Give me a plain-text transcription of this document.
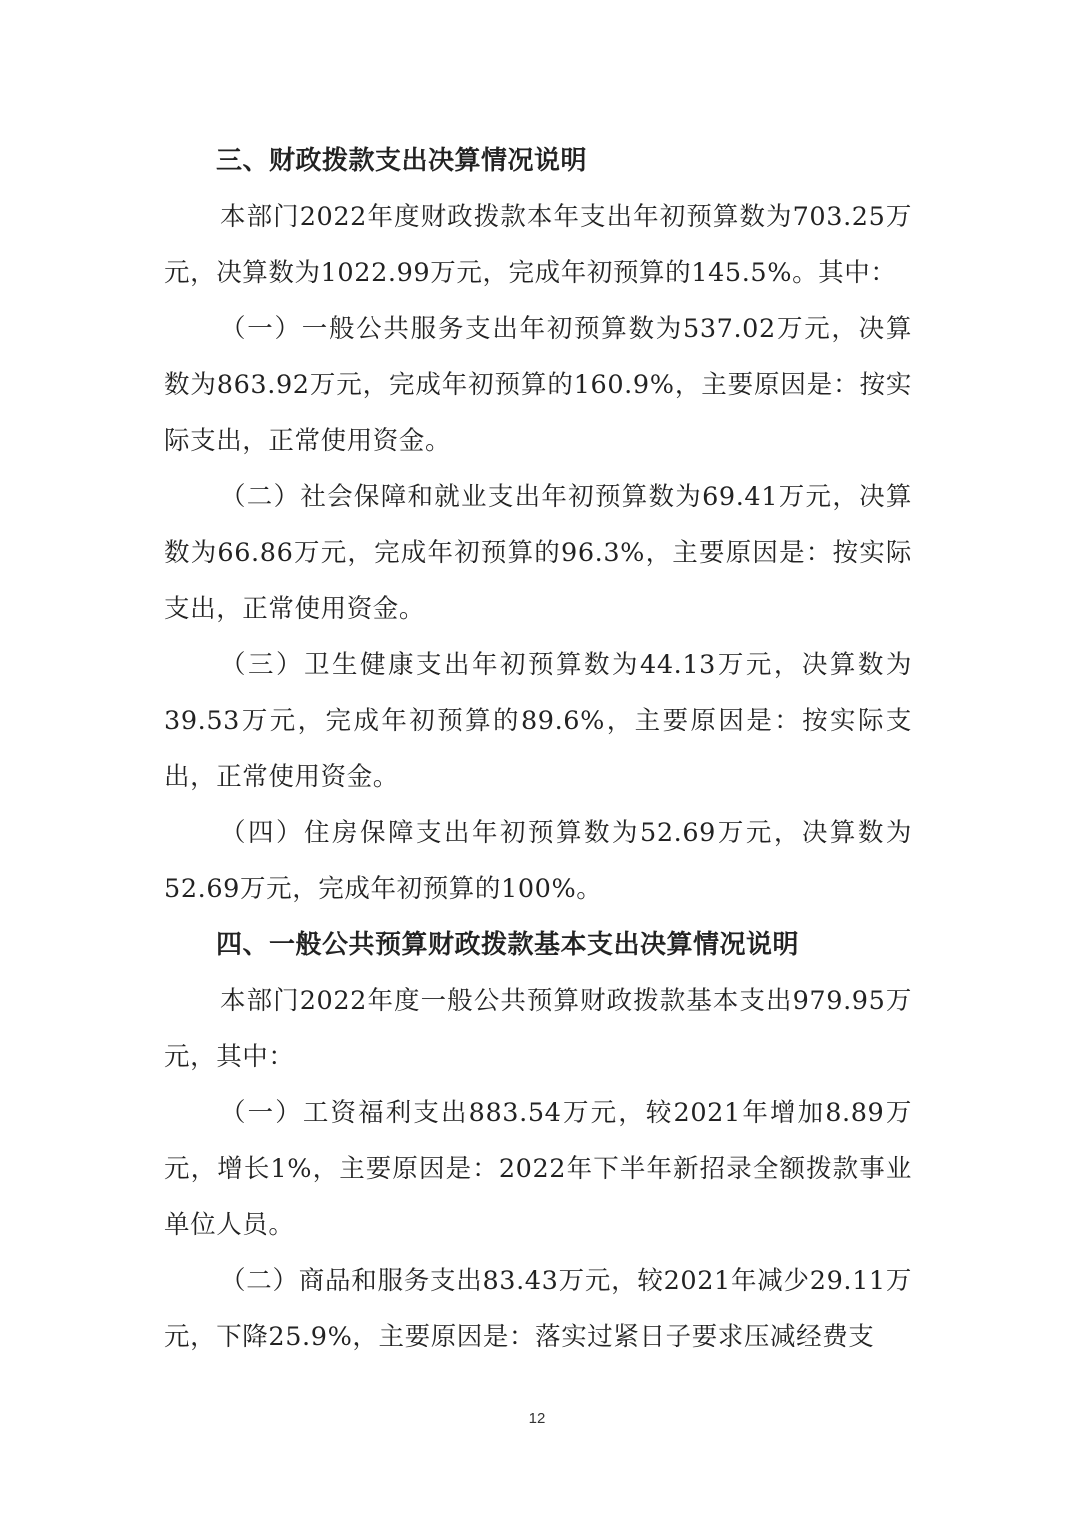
三、财政拨款支出决算情况说明

本部门2022年度财政拨款本年支出年初预算数为703.25万元，决算数为1022.99万元，完成年初预算的145.5%。其中：

（一）一般公共服务支出年初预算数为537.02万元，决算数为863.92万元，完成年初预算的160.9%，主要原因是：按实际支出，正常使用资金。

（二）社会保障和就业支出年初预算数为69.41万元，决算数为66.86万元，完成年初预算的96.3%，主要原因是：按实际支出，正常使用资金。

（三）卫生健康支出年初预算数为44.13万元，决算数为39.53万元，完成年初预算的89.6%，主要原因是：按实际支出，正常使用资金。

（四）住房保障支出年初预算数为52.69万元，决算数为52.69万元，完成年初预算的100%。

四、一般公共预算财政拨款基本支出决算情况说明

本部门2022年度一般公共预算财政拨款基本支出979.95万元，其中：

（一）工资福利支出883.54万元，较2021年增加8.89万元，增长1%，主要原因是：2022年下半年新招录全额拨款事业单位人员。

（二）商品和服务支出83.43万元，较2021年减少29.11万元，下降25.9%，主要原因是：落实过紧日子要求压减经费支

12
